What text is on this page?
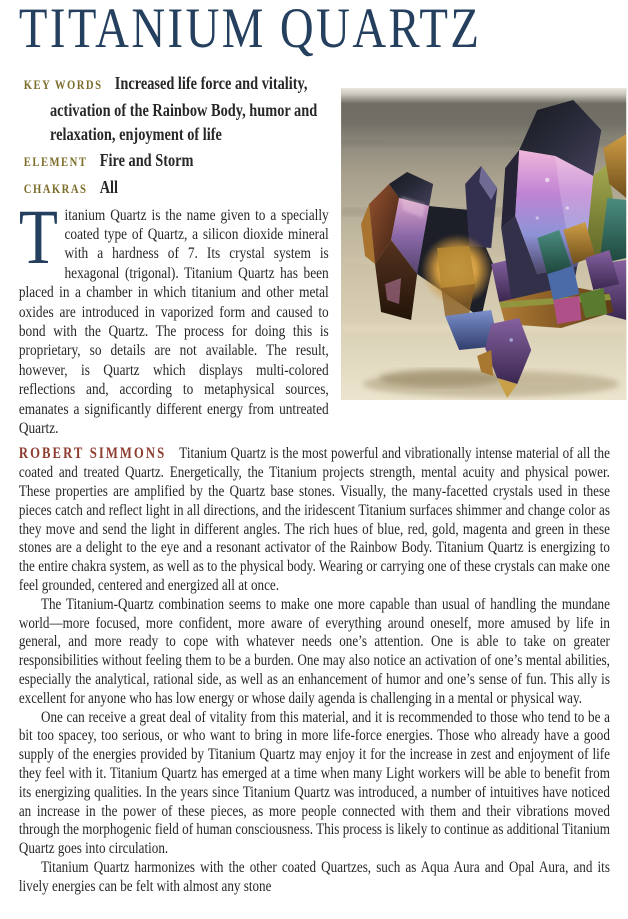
TITANIUM QUARTZ

KEY WORDS Increased life force and vitality, activation of the Rainbow Body, humor and relaxation, enjoyment of life

ELEMENT Fire and Storm

CHAKRAS All

Titanium Quartz is the name given to a specially coated type of Quartz, a silicon dioxide mineral with a hardness of 7. Its crystal system is hexagonal (trigonal). Titanium Quartz has been placed in a chamber in which titanium and other metal oxides are introduced in vaporized form and caused to bond with the Quartz. The process for doing this is proprietary, so details are not available. The result, however, is Quartz which displays multi-colored reflections and, according to metaphysical sources, emanates a significantly different energy from untreated Quartz.

ROBERT SIMMONS Titanium Quartz is the most powerful and vibrationally intense material of all the coated and treated Quartz. Energetically, the Titanium projects strength, mental acuity and physical power. These properties are amplified by the Quartz base stones. Visually, the many-facetted crystals used in these pieces catch and reflect light in all directions, and the iridescent Titanium surfaces shimmer and change color as they move and send the light in different angles. The rich hues of blue, red, gold, magenta and green in these stones are a delight to the eye and a resonant activator of the Rainbow Body. Titanium Quartz is energizing to the entire chakra system, as well as to the physical body. Wearing or carrying one of these crystals can make one feel grounded, centered and energized all at once.

The Titanium-Quartz combination seems to make one more capable than usual of handling the mundane world—more focused, more confident, more aware of everything around oneself, more amused by life in general, and more ready to cope with whatever needs one’s attention. One is able to take on greater responsibilities without feeling them to be a burden. One may also notice an activation of one’s mental abilities, especially the analytical, rational side, as well as an enhancement of humor and one’s sense of fun. This ally is excellent for anyone who has low energy or whose daily agenda is challenging in a mental or physical way.

One can receive a great deal of vitality from this material, and it is recommended to those who tend to be a bit too spacey, too serious, or who want to bring in more life-force energies. Those who already have a good supply of the energies provided by Titanium Quartz may enjoy it for the increase in zest and enjoyment of life they feel with it. Titanium Quartz has emerged at a time when many Light workers will be able to benefit from its energizing qualities. In the years since Titanium Quartz was introduced, a number of intuitives have noticed an increase in the power of these pieces, as more people connected with them and their vibrations moved through the morphogenic field of human consciousness. This process is likely to continue as additional Titanium Quartz goes into circulation.

Titanium Quartz harmonizes with the other coated Quartzes, such as Aqua Aura and Opal Aura, and its lively energies can be felt with almost any stone
